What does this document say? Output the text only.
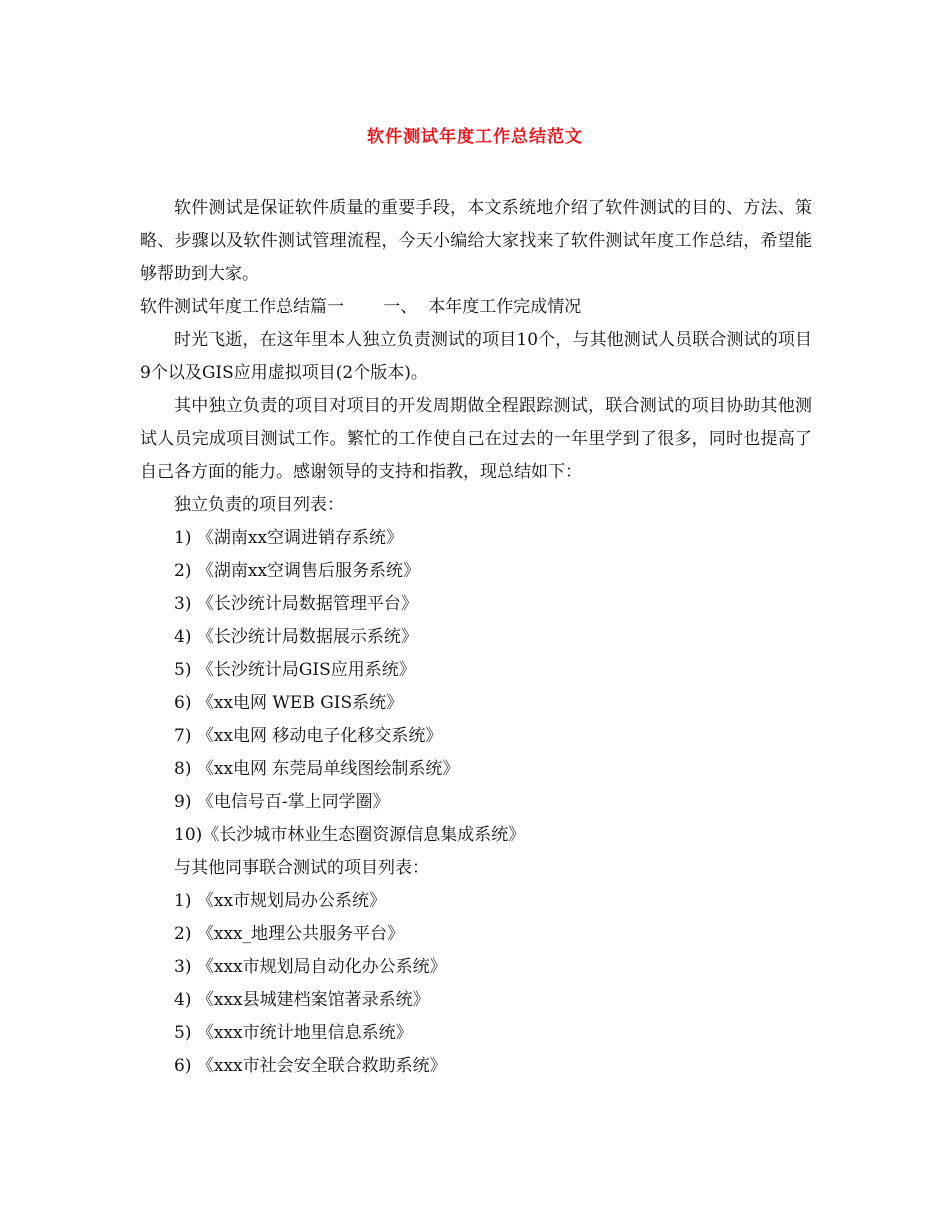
软件测试年度工作总结范文

软件测试是保证软件质量的重要手段，本文系统地介绍了软件测试的目的、方法、策略、步骤以及软件测试管理流程，今天小编给大家找来了软件测试年度工作总结，希望能够帮助到大家。

软件测试年度工作总结篇一　　 一、  本年度工作完成情况

时光飞逝，在这年里本人独立负责测试的项目10个，与其他测试人员联合测试的项目9个以及GIS应用虚拟项目(2个版本)。

其中独立负责的项目对项目的开发周期做全程跟踪测试，联合测试的项目协助其他测试人员完成项目测试工作。繁忙的工作使自己在过去的一年里学到了很多，同时也提高了自己各方面的能力。感谢领导的支持和指教，现总结如下：

独立负责的项目列表：

1) 《湖南xx空调进销存系统》
2) 《湖南xx空调售后服务系统》
3) 《长沙统计局数据管理平台》
4) 《长沙统计局数据展示系统》
5) 《长沙统计局GIS应用系统》
6) 《xx电网 WEB GIS系统》
7) 《xx电网 移动电子化移交系统》
8) 《xx电网 东莞局单线图绘制系统》
9) 《电信号百-掌上同学圈》
10)《长沙城市林业生态圈资源信息集成系统》

与其他同事联合测试的项目列表：

1) 《xx市规划局办公系统》
2) 《xxx_地理公共服务平台》
3) 《xxx市规划局自动化办公系统》
4) 《xxx县城建档案馆著录系统》
5) 《xxx市统计地里信息系统》
6) 《xxx市社会安全联合救助系统》
